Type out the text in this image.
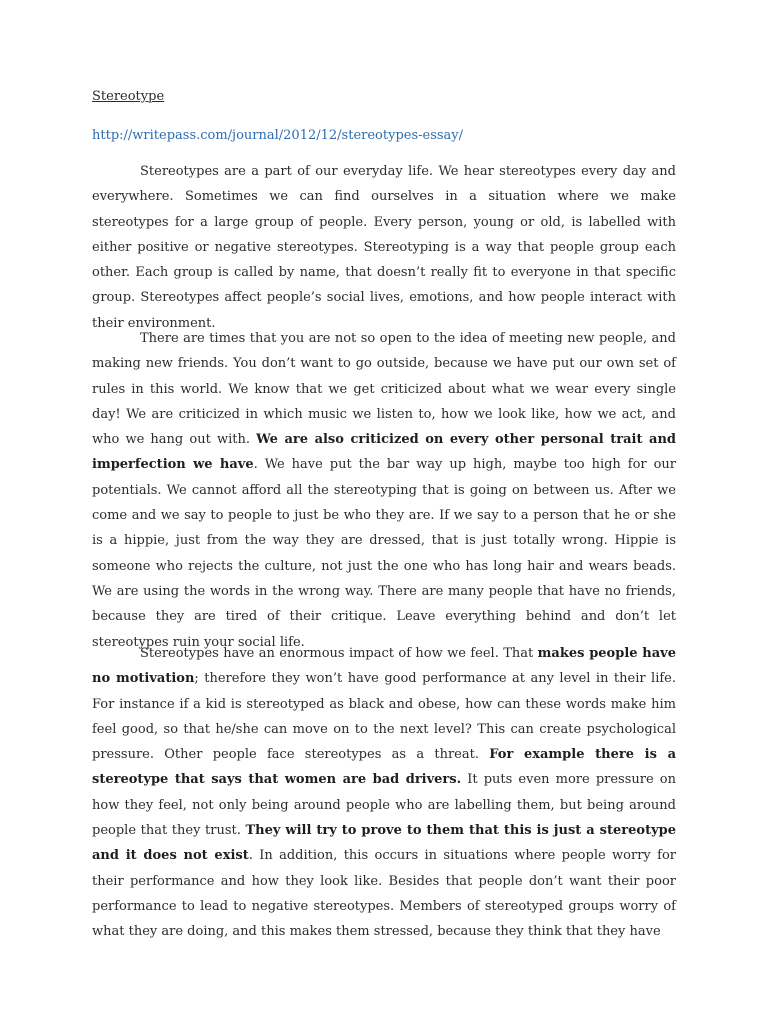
Stereotype
http://writepass.com/journal/2012/12/stereotypes-essay/

Stereotypes are a part of our everyday life. We hear stereotypes every day and everywhere. Sometimes we can find ourselves in a situation where we make stereotypes for a large group of people. Every person, young or old, is labelled with either positive or negative stereotypes. Stereotyping is a way that people group each other. Each group is called by name, that doesn’t really fit to everyone in that specific group. Stereotypes affect people’s social lives, emotions, and how people interact with their environment.

There are times that you are not so open to the idea of meeting new people, and making new friends. You don’t want to go outside, because we have put our own set of rules in this world. We know that we get criticized about what we wear every single day! We are criticized in which music we listen to, how we look like, how we act, and who we hang out with. We are also criticized on every other personal trait and imperfection we have. We have put the bar way up high, maybe too high for our potentials. We cannot afford all the stereotyping that is going on between us. After we come and we say to people to just be who they are. If we say to a person that he or she is a hippie, just from the way they are dressed, that is just totally wrong. Hippie is someone who rejects the culture, not just the one who has long hair and wears beads. We are using the words in the wrong way. There are many people that have no friends, because they are tired of their critique. Leave everything behind and don’t let stereotypes ruin your social life.

Stereotypes have an enormous impact of how we feel. That makes people have no motivation; therefore they won’t have good performance at any level in their life. For instance if a kid is stereotyped as black and obese, how can these words make him feel good, so that he/she can move on to the next level? This can create psychological pressure. Other people face stereotypes as a threat. For example there is a stereotype that says that women are bad drivers. It puts even more pressure on how they feel, not only being around people who are labelling them, but being around people that they trust. They will try to prove to them that this is just a stereotype and it does not exist. In addition, this occurs in situations where people worry for their performance and how they look like. Besides that people don’t want their poor performance to lead to negative stereotypes. Members of stereotyped groups worry of what they are doing, and this makes them stressed, because they think that they have
